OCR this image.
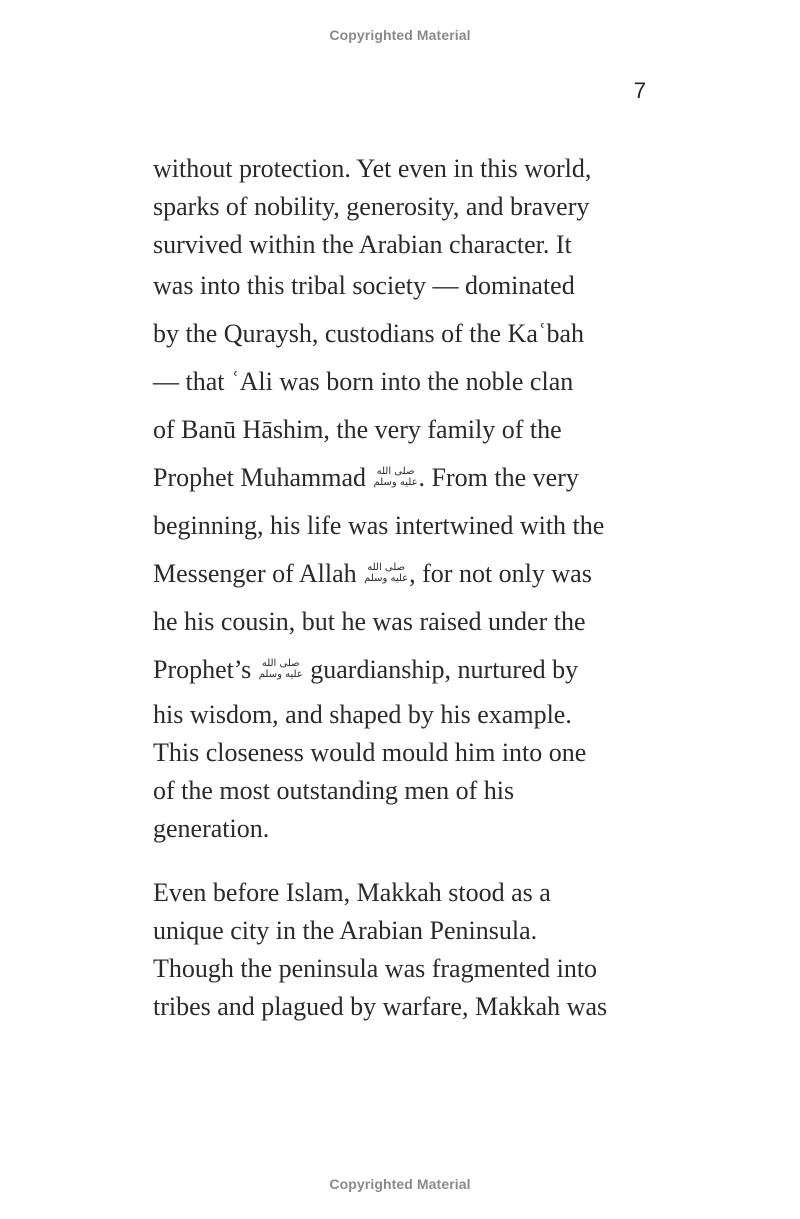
Copyrighted Material
7
without protection. Yet even in this world,
sparks of nobility, generosity, and bravery
survived within the Arabian character. It
was into this tribal society — dominated
by the Quraysh, custodians of the Kaʿbah
— that ʿAli was born into the noble clan
of Banū Hāshim, the very family of the
Prophet Muhammad صلى الله
عليه وسلم . From the very
beginning, his life was intertwined with the
Messenger of Allah صلى الله
عليه وسلم , for not only was
he his cousin, but he was raised under the
Prophet’s صلى الله
عليه وسلم guardianship, nurtured by
his wisdom, and shaped by his example.
This closeness would mould him into one
of the most outstanding men of his
generation.
Even before Islam, Makkah stood as a
unique city in the Arabian Peninsula.
Though the peninsula was fragmented into
tribes and plagued by warfare, Makkah was
Copyrighted Material
